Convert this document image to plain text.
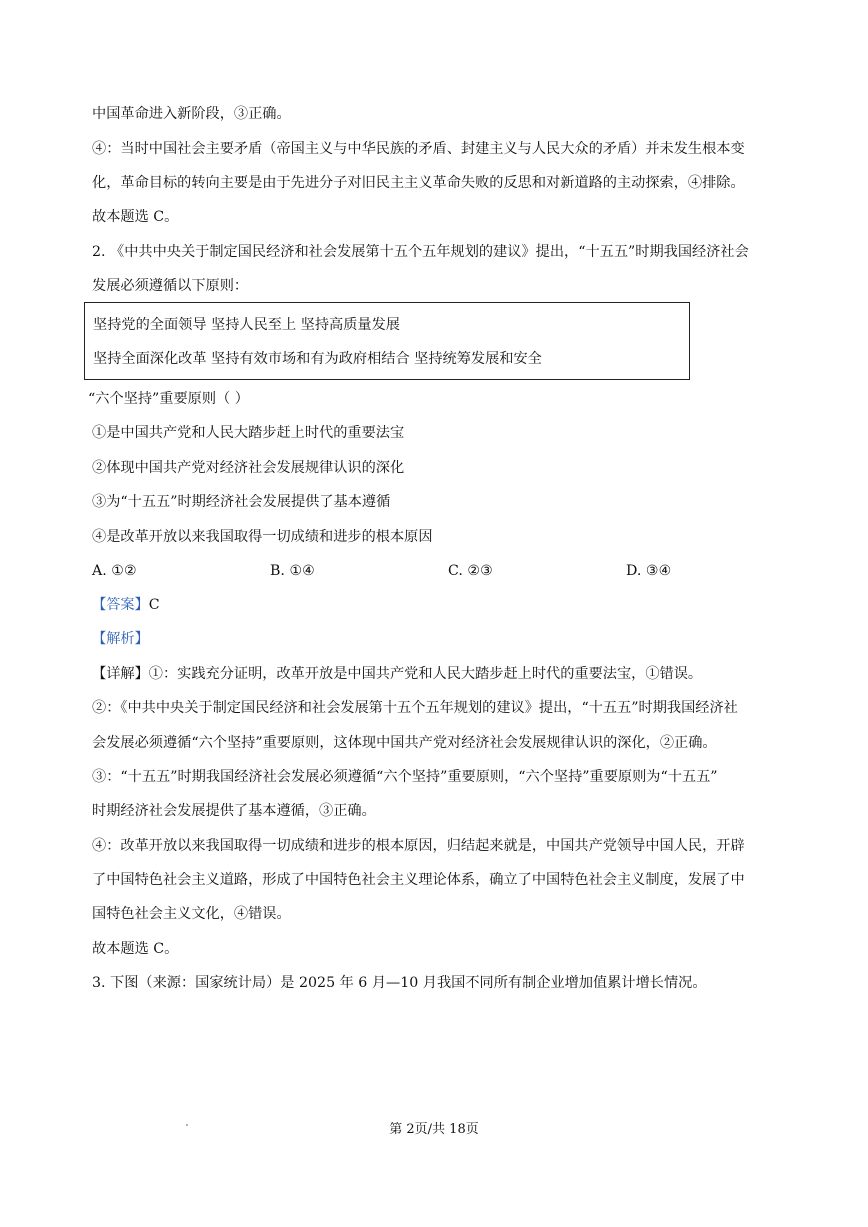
中国革命进入新阶段，③正确。
④：当时中国社会主要矛盾（帝国主义与中华民族的矛盾、封建主义与人民大众的矛盾）并未发生根本变
化，革命目标的转向主要是由于先进分子对旧民主主义革命失败的反思和对新道路的主动探索，④排除。
故本题选 C。
2. 《中共中央关于制定国民经济和社会发展第十五个五年规划的建议》提出，“十五五”时期我国经济社会
发展必须遵循以下原则：
坚持党的全面领导 坚持人民至上 坚持高质量发展
坚持全面深化改革 坚持有效市场和有为政府相结合 坚持统筹发展和安全
“六个坚持”重要原则（ ）
①是中国共产党和人民大踏步赶上时代的重要法宝
②体现中国共产党对经济社会发展规律认识的深化
③为“十五五”时期经济社会发展提供了基本遵循
④是改革开放以来我国取得一切成绩和进步的根本原因
A. ①②	B. ①④	C. ②③	D. ③④
【答案】C
【解析】
【详解】①：实践充分证明，改革开放是中国共产党和人民大踏步赶上时代的重要法宝，①错误。
②：《中共中央关于制定国民经济和社会发展第十五个五年规划的建议》提出，“十五五”时期我国经济社
会发展必须遵循“六个坚持”重要原则，这体现中国共产党对经济社会发展规律认识的深化，②正确。
③：“十五五”时期我国经济社会发展必须遵循“六个坚持”重要原则，“六个坚持”重要原则为“十五五”
时期经济社会发展提供了基本遵循，③正确。
④：改革开放以来我国取得一切成绩和进步的根本原因，归结起来就是，中国共产党领导中国人民，开辟
了中国特色社会主义道路，形成了中国特色社会主义理论体系，确立了中国特色社会主义制度，发展了中
国特色社会主义文化，④错误。
故本题选 C。
3. 下图（来源：国家统计局）是 2025 年 6 月—10 月我国不同所有制企业增加值累计增长情况。
第 2页/共 18页
